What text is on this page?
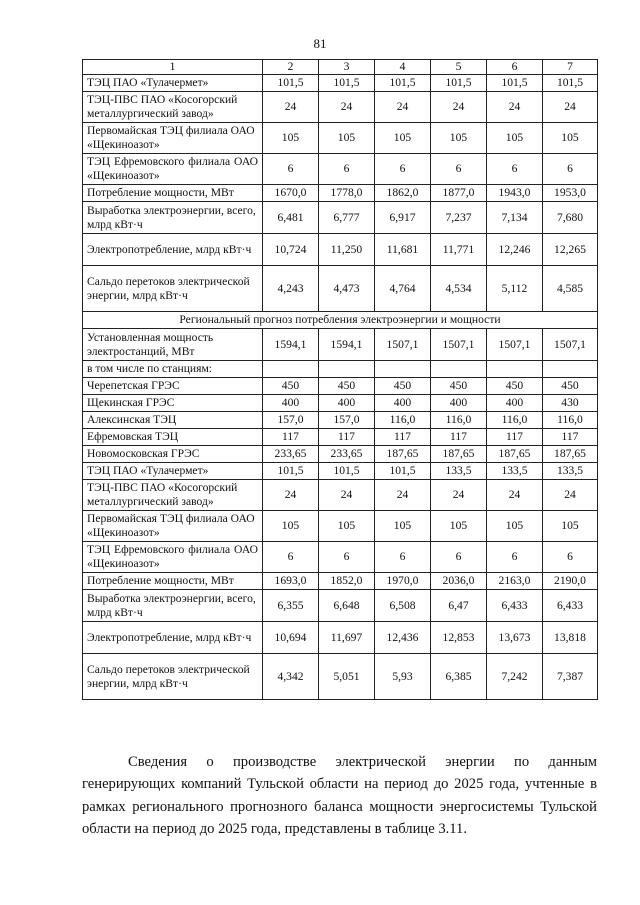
81
1	2	3	4	5	6	7
ТЭЦ ПАО «Тулачермет»	101,5	101,5	101,5	101,5	101,5	101,5
ТЭЦ-ПВС ПАО «Косогорский металлургический завод»	24	24	24	24	24	24
Первомайская ТЭЦ филиала ОАО «Щекиноазот»	105	105	105	105	105	105
ТЭЦ Ефремовского филиала ОАО «Щекиноазот»	6	6	6	6	6	6
Потребление мощности, МВт	1670,0	1778,0	1862,0	1877,0	1943,0	1953,0
Выработка электроэнергии, всего, млрд кВт·ч	6,481	6,777	6,917	7,237	7,134	7,680
Электропотребление, млрд кВт·ч	10,724	11,250	11,681	11,771	12,246	12,265
Сальдо перетоков электрической энергии, млрд кВт·ч	4,243	4,473	4,764	4,534	5,112	4,585
Региональный прогноз потребления электроэнергии и мощности						
Установленная мощность электростанций, МВт	1594,1	1594,1	1507,1	1507,1	1507,1	1507,1
в том числе по станциям:						
Черепетская ГРЭС	450	450	450	450	450	450
Щекинская ГРЭС	400	400	400	400	400	430
Алексинская ТЭЦ	157,0	157,0	116,0	116,0	116,0	116,0
Ефремовская ТЭЦ	117	117	117	117	117	117
Новомосковская ГРЭС	233,65	233,65	187,65	187,65	187,65	187,65
ТЭЦ ПАО «Тулачермет»	101,5	101,5	101,5	133,5	133,5	133,5
ТЭЦ-ПВС ПАО «Косогорский металлургический завод»	24	24	24	24	24	24
Первомайская ТЭЦ филиала ОАО «Щекиноазот»	105	105	105	105	105	105
ТЭЦ Ефремовского филиала ОАО «Щекиноазот»	6	6	6	6	6	6
Потребление мощности, МВт	1693,0	1852,0	1970,0	2036,0	2163,0	2190,0
Выработка электроэнергии, всего, млрд кВт·ч	6,355	6,648	6,508	6,47	6,433	6,433
Электропотребление, млрд кВт·ч	10,694	11,697	12,436	12,853	13,673	13,818
Сальдо перетоков электрической энергии, млрд кВт·ч	4,342	5,051	5,93	6,385	7,242	7,387

Сведения о производстве электрической энергии по данным генерирующих компаний Тульской области на период до 2025 года, учтенные в рамках регионального прогнозного баланса мощности энергосистемы Тульской области на период до 2025 года, представлены в таблице 3.11.
